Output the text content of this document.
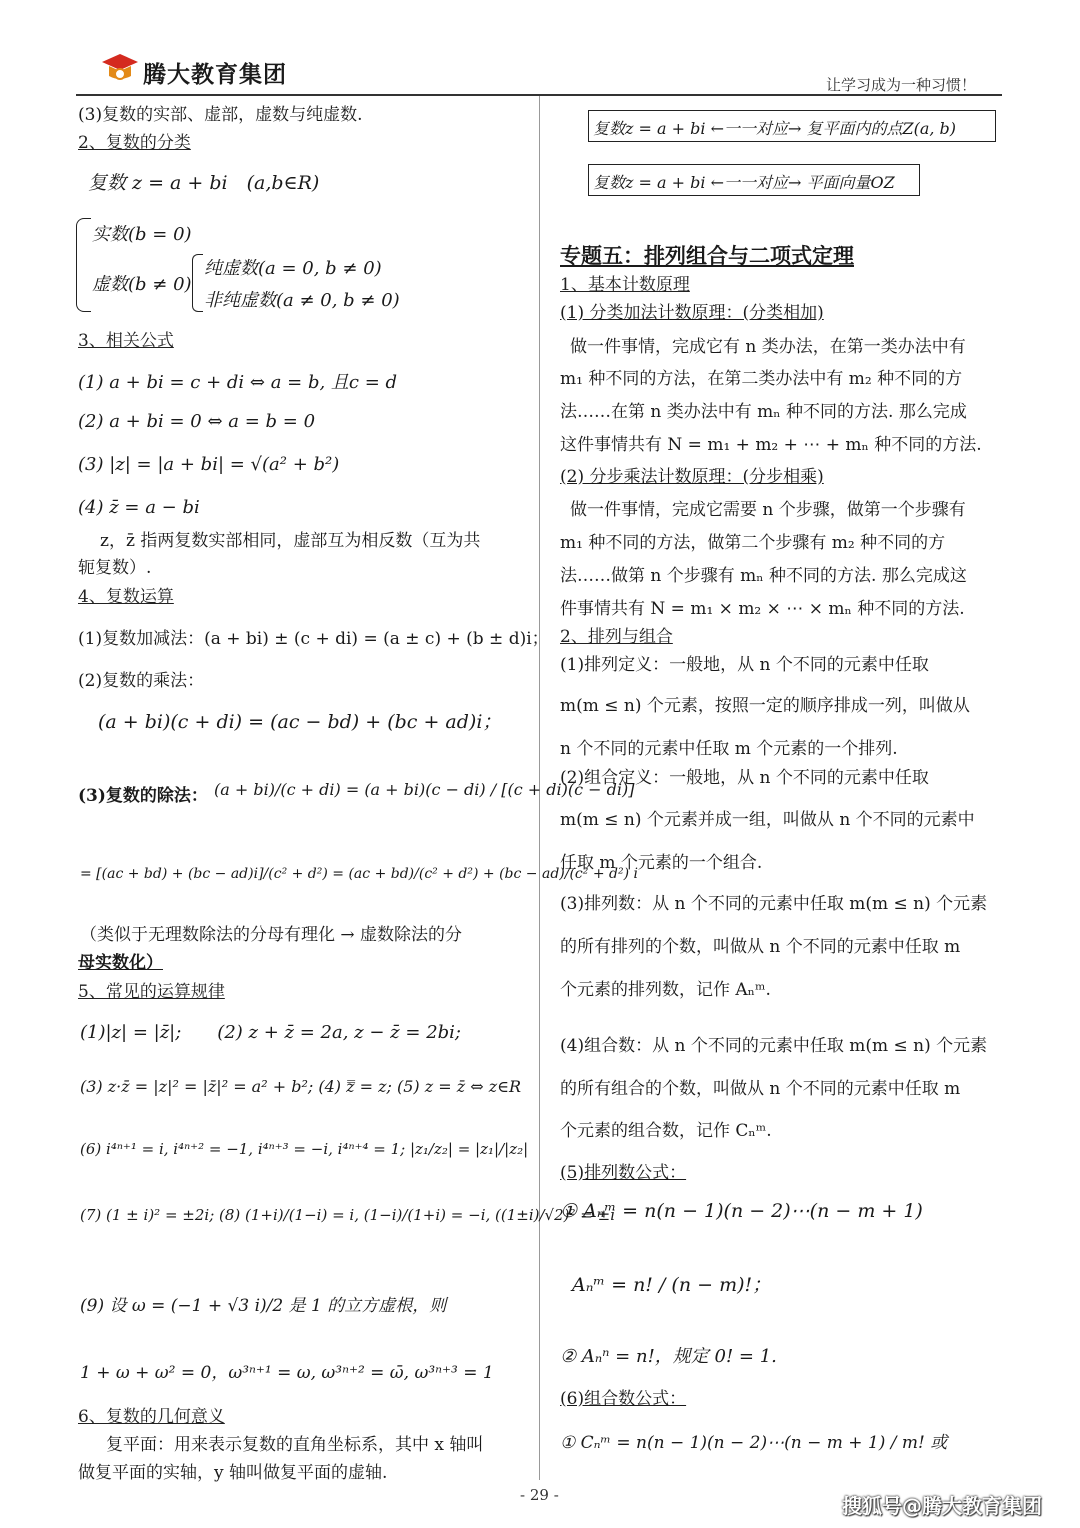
腾大教育集团	让学习成为一种习惯！
(3)复数的实部、虚部，虚数与纯虚数.
2、复数的分类
复数 z = a + bi　(a,b∈R)
实数(b = 0)
虚数(b ≠ 0)
纯虚数(a = 0, b ≠ 0)
非纯虚数(a ≠ 0, b ≠ 0)
3、相关公式
(1) a + bi = c + di ⇔ a = b, 且c = d
(2) a + bi = 0 ⇔ a = b = 0
(3) |z| = |a + bi| = √(a² + b²)
(4) z̄ = a − bi
z，z̄ 指两复数实部相同，虚部互为相反数（互为共
轭复数）.
4、复数运算
(1)复数加减法：(a + bi) ± (c + di) = (a ± c) + (b ± d)i；
(2)复数的乘法：
(a + bi)(c + di) = (ac − bd) + (bc + ad)i；
(3)复数的除法： (a + bi)/(c + di) = (a + bi)(c − di) / [(c + di)(c − di)]
= [(ac + bd) + (bc − ad)i]/(c² + d²) = (ac + bd)/(c² + d²) + (bc − ad)/(c² + d²) i
（类似于无理数除法的分母有理化 → 虚数除法的分
母实数化）
5、常见的运算规律
(1)|z| = |z̄|;　　(2) z + z̄ = 2a, z − z̄ = 2bi;
(3) z·z̄ = |z|² = |z̄|² = a² + b²; (4) z̿ = z; (5) z = z̄ ⇔ z∈R
(6) i⁴ⁿ⁺¹ = i, i⁴ⁿ⁺² = −1, i⁴ⁿ⁺³ = −i, i⁴ⁿ⁺⁴ = 1; |z₁/z₂| = |z₁|/|z₂|
(7) (1 ± i)² = ±2i; (8) (1+i)/(1−i) = i, (1−i)/(1+i) = −i, ((1±i)/√2)² = ±i
(9) 设 ω = (−1 + √3 i)/2 是 1 的立方虚根，则
1 + ω + ω² = 0，ω³ⁿ⁺¹ = ω, ω³ⁿ⁺² = ω̄, ω³ⁿ⁺³ = 1
6、复数的几何意义
复平面：用来表示复数的直角坐标系，其中 x 轴叫
做复平面的实轴，y 轴叫做复平面的虚轴.
复数z = a + bi ←一一对应→ 复平面内的点Z(a, b)
复数z = a + bi ←一一对应→ 平面向量OZ
专题五：排列组合与二项式定理
1、基本计数原理
(1) 分类加法计数原理：(分类相加)
做一件事情，完成它有 n 类办法，在第一类办法中有
m₁ 种不同的方法，在第二类办法中有 m₂ 种不同的方
法……在第 n 类办法中有 mₙ 种不同的方法. 那么完成
这件事情共有 N = m₁ + m₂ + ⋯ + mₙ 种不同的方法.
(2) 分步乘法计数原理：(分步相乘)
做一件事情，完成它需要 n 个步骤，做第一个步骤有
m₁ 种不同的方法，做第二个步骤有 m₂ 种不同的方
法……做第 n 个步骤有 mₙ 种不同的方法. 那么完成这
件事情共有 N = m₁ × m₂ × ⋯ × mₙ 种不同的方法.
2、排列与组合
(1)排列定义：一般地，从 n 个不同的元素中任取
m(m ≤ n) 个元素，按照一定的顺序排成一列，叫做从
n 个不同的元素中任取 m 个元素的一个排列.
(2)组合定义：一般地，从 n 个不同的元素中任取
m(m ≤ n) 个元素并成一组，叫做从 n 个不同的元素中
任取 m 个元素的一个组合.
(3)排列数：从 n 个不同的元素中任取 m(m ≤ n) 个元素
的所有排列的个数，叫做从 n 个不同的元素中任取 m
个元素的排列数，记作 Aₙᵐ.
(4)组合数：从 n 个不同的元素中任取 m(m ≤ n) 个元素
的所有组合的个数，叫做从 n 个不同的元素中任取 m
个元素的组合数，记作 Cₙᵐ.
(5)排列数公式：
① Aₙᵐ = n(n − 1)(n − 2)⋯(n − m + 1)
Aₙᵐ = n! / (n − m)!；
② Aₙⁿ = n!，规定 0! = 1.
(6)组合数公式：
① Cₙᵐ = n(n − 1)(n − 2)⋯(n − m + 1) / m! 或
- 29 -	搜狐号@腾大教育集团
